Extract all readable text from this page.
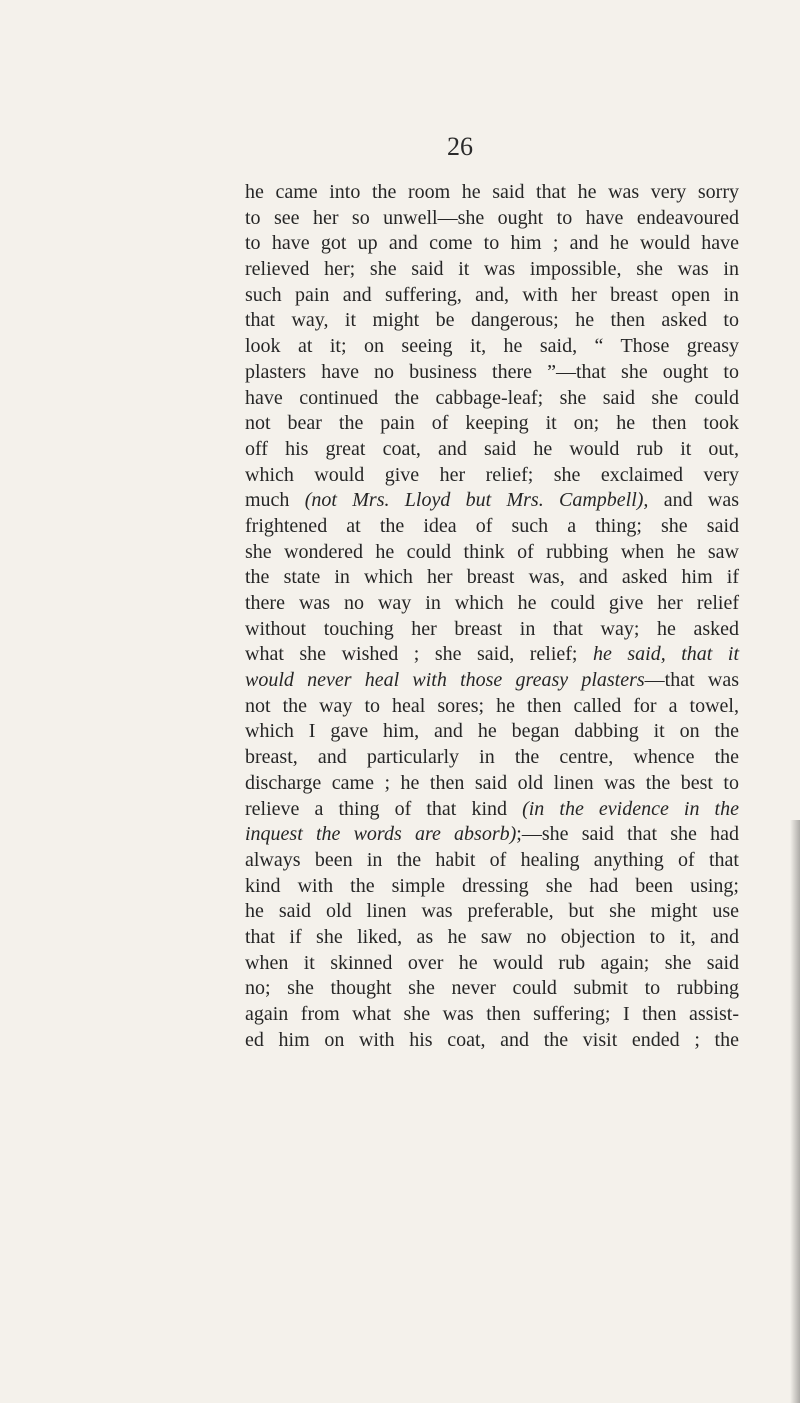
26
he came into the room he said that he was very sorry
to see her so unwell—she ought to have endeavoured
to have got up and come to him ; and he would have
relieved her; she said it was impossible, she was in
such pain and suffering, and, with her breast open in
that way, it might be dangerous; he then asked to
look at it; on seeing it, he said, “ Those greasy
plasters have no business there ”—that she ought to
have continued the cabbage-leaf; she said she could
not bear the pain of keeping it on; he then took
off his great coat, and said he would rub it out,
which would give her relief; she exclaimed very
much (not Mrs. Lloyd but Mrs. Campbell), and was
frightened at the idea of such a thing; she said
she wondered he could think of rubbing when he saw
the state in which her breast was, and asked him if
there was no way in which he could give her relief
without touching her breast in that way; he asked
what she wished ; she said, relief; he said, that it
would never heal with those greasy plasters—that was
not the way to heal sores; he then called for a towel,
which I gave him, and he began dabbing it on the
breast, and particularly in the centre, whence the
discharge came ; he then said old linen was the best to
relieve a thing of that kind (in the evidence in the
inquest the words are absorb);—she said that she had
always been in the habit of healing anything of that
kind with the simple dressing she had been using;
he said old linen was preferable, but she might use
that if she liked, as he saw no objection to it, and
when it skinned over he would rub again; she said
no; she thought she never could submit to rubbing
again from what she was then suffering; I then assist-
ed him on with his coat, and the visit ended ; the
